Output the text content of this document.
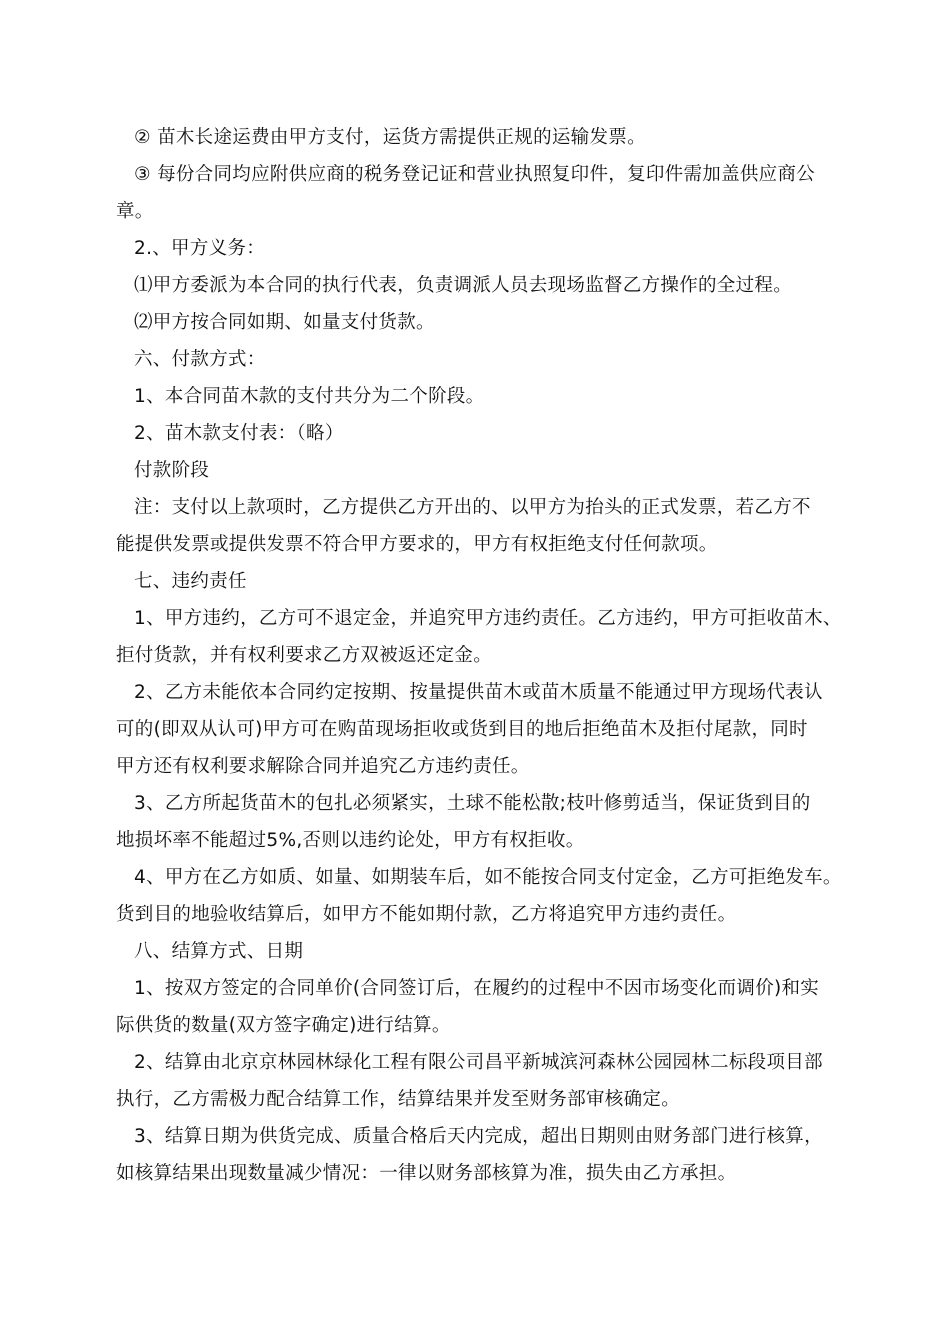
② 苗木长途运费由甲方支付，运货方需提供正规的运输发票。
③ 每份合同均应附供应商的税务登记证和营业执照复印件，复印件需加盖供应商公
章。
2.、甲方义务：
⑴甲方委派为本合同的执行代表，负责调派人员去现场监督乙方操作的全过程。
⑵甲方按合同如期、如量支付货款。
六、付款方式：
1、本合同苗木款的支付共分为二个阶段。
2、苗木款支付表：（略）
付款阶段
注：支付以上款项时，乙方提供乙方开出的、以甲方为抬头的正式发票，若乙方不
能提供发票或提供发票不符合甲方要求的，甲方有权拒绝支付任何款项。
七、违约责任
1、甲方违约，乙方可不退定金，并追究甲方违约责任。乙方违约，甲方可拒收苗木、
拒付货款，并有权利要求乙方双被返还定金。
2、乙方未能依本合同约定按期、按量提供苗木或苗木质量不能通过甲方现场代表认
可的(即双从认可)甲方可在购苗现场拒收或货到目的地后拒绝苗木及拒付尾款，同时
甲方还有权利要求解除合同并追究乙方违约责任。
3、乙方所起货苗木的包扎必须紧实，土球不能松散;枝叶修剪适当，保证货到目的
地损坏率不能超过5%,否则以违约论处，甲方有权拒收。
4、甲方在乙方如质、如量、如期装车后，如不能按合同支付定金，乙方可拒绝发车。
货到目的地验收结算后，如甲方不能如期付款，乙方将追究甲方违约责任。
八、结算方式、日期
1、按双方签定的合同单价(合同签订后，在履约的过程中不因市场变化而调价)和实
际供货的数量(双方签字确定)进行结算。
2、结算由北京京林园林绿化工程有限公司昌平新城滨河森林公园园林二标段项目部
执行，乙方需极力配合结算工作，结算结果并发至财务部审核确定。
3、结算日期为供货完成、质量合格后天内完成，超出日期则由财务部门进行核算，
如核算结果出现数量减少情况：一律以财务部核算为准，损失由乙方承担。
